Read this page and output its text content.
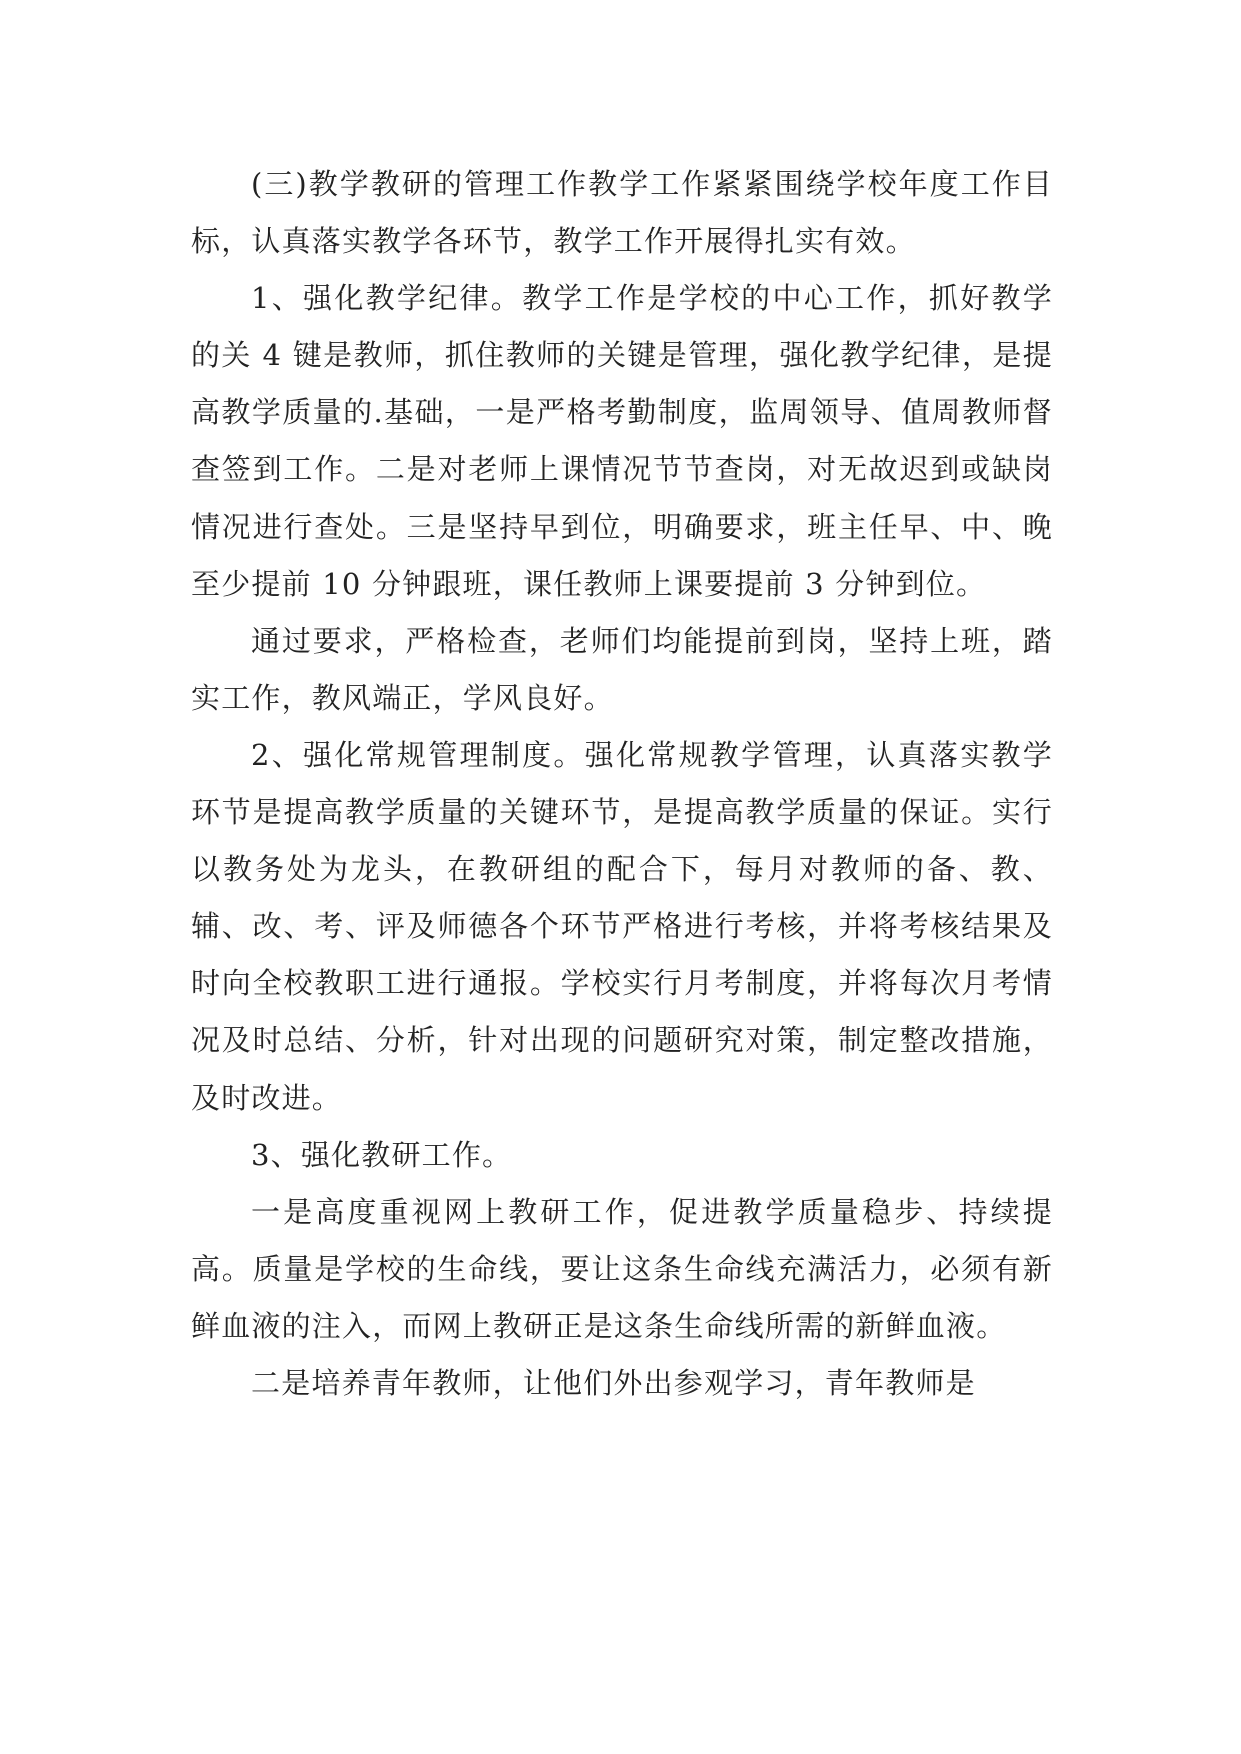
(三)教学教研的管理工作教学工作紧紧围绕学校年度工作目标，认真落实教学各环节，教学工作开展得扎实有效。

1、强化教学纪律。教学工作是学校的中心工作，抓好教学的关 4 键是教师，抓住教师的关键是管理，强化教学纪律，是提高教学质量的.基础，一是严格考勤制度，监周领导、值周教师督查签到工作。二是对老师上课情况节节查岗，对无故迟到或缺岗情况进行查处。三是坚持早到位，明确要求，班主任早、中、晚至少提前 10 分钟跟班，课任教师上课要提前 3 分钟到位。

通过要求，严格检查，老师们均能提前到岗，坚持上班，踏实工作，教风端正，学风良好。

2、强化常规管理制度。强化常规教学管理，认真落实教学环节是提高教学质量的关键环节，是提高教学质量的保证。实行以教务处为龙头，在教研组的配合下，每月对教师的备、教、辅、改、考、评及师德各个环节严格进行考核，并将考核结果及时向全校教职工进行通报。学校实行月考制度，并将每次月考情况及时总结、分析，针对出现的问题研究对策，制定整改措施，及时改进。

3、强化教研工作。

一是高度重视网上教研工作，促进教学质量稳步、持续提高。质量是学校的生命线，要让这条生命线充满活力，必须有新鲜血液的注入，而网上教研正是这条生命线所需的新鲜血液。

二是培养青年教师，让他们外出参观学习，青年教师是
